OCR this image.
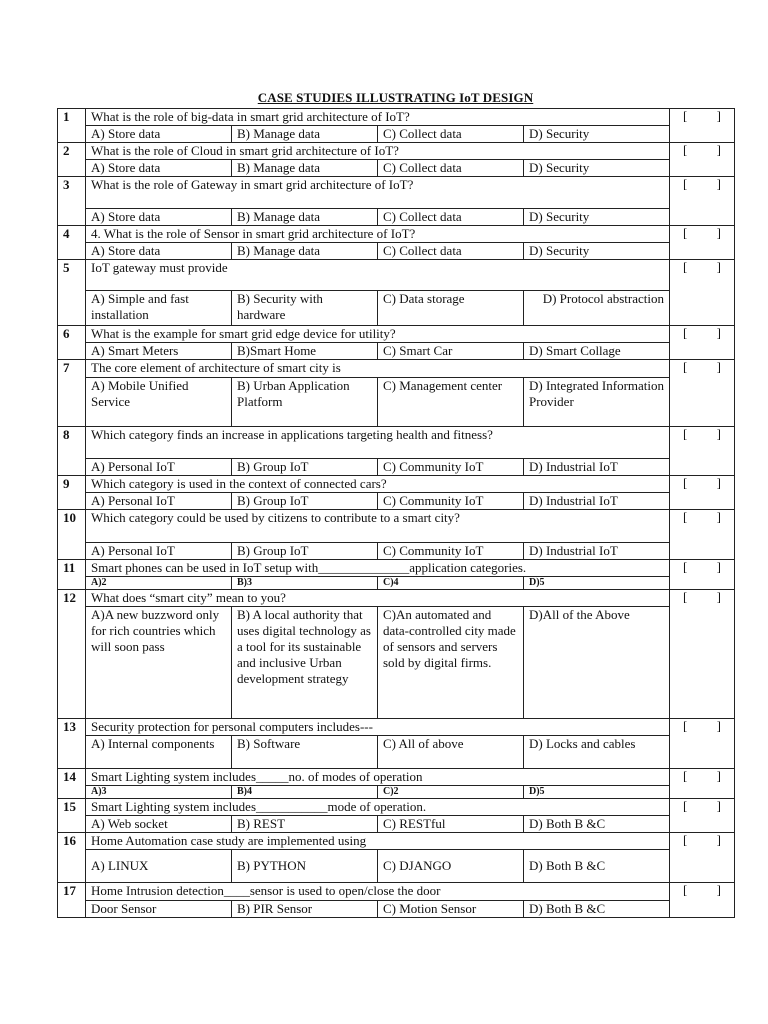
CASE STUDIES ILLUSTRATING IoT DESIGN
1	What is the role of big-data in smart grid architecture of IoT?				[ ]

	A) Store data	B) Manage data	C) Collect data	D) Security	
2	What is the role of Cloud in smart grid architecture of IoT?				[ ]

	A) Store data	B) Manage data	C) Collect data	D) Security	
3	What is the role of Gateway in smart grid architecture of IoT?				[ ]

	A) Store data	B) Manage data	C) Collect data	D) Security	
4	4. What is the role of Sensor in smart grid architecture of IoT?				[ ]

	A) Store data	B) Manage data	C) Collect data	D) Security	
5	IoT gateway must provide				[ ]

	A) Simple and fast installation	B) Security with hardware	C) Data storage	D) Protocol abstraction	
6	What is the example for smart grid edge device for utility?				[ ]

	A) Smart Meters	B)Smart Home	C) Smart Car	D) Smart Collage	
7	The core element of architecture of smart city is				[ ]

	A) Mobile Unified Service	B) Urban Application Platform	C) Management center	D) Integrated Information Provider	
8	Which category finds an increase in applications targeting health and fitness?				[ ]

	A) Personal IoT	B) Group IoT	C) Community IoT	D) Industrial IoT	
9	Which category is used in the context of connected cars?				[ ]

	A) Personal IoT	B) Group IoT	C) Community IoT	D) Industrial IoT	
10	Which category could be used by citizens to contribute to a smart city?				[ ]

	A) Personal IoT	B) Group IoT	C) Community IoT	D) Industrial IoT	
11	Smart phones can be used in IoT setup with______________application categories.				[ ]

	A)2	B)3	C)4	D)5	
12	What does “smart city” mean to you?				[ ]

	A)A new buzzword only for rich countries which will soon pass	B) A local authority that uses digital technology as a tool for its sustainable and inclusive Urban development strategy	C)An automated and data-controlled city made of sensors and servers sold by digital firms.	D)All of the Above	
13	Security protection for personal computers includes---				[ ]

	A) Internal components	B) Software	C) All of above	D) Locks and cables	
14	Smart Lighting system includes_____no. of modes of operation				[ ]

	A)3	B)4	C)2	D)5	
15	Smart Lighting system includes___________mode of operation.				[ ]

	A) Web socket	B) REST	C) RESTful	D) Both B &C	
16	Home Automation case study are implemented using				[ ]

	A) LINUX	B) PYTHON	C) DJANGO	D) Both B &C	
17	Home Intrusion detection____sensor is used to open/close the door				[ ]

	Door Sensor	B) PIR Sensor	C) Motion Sensor	D) Both B &C	
